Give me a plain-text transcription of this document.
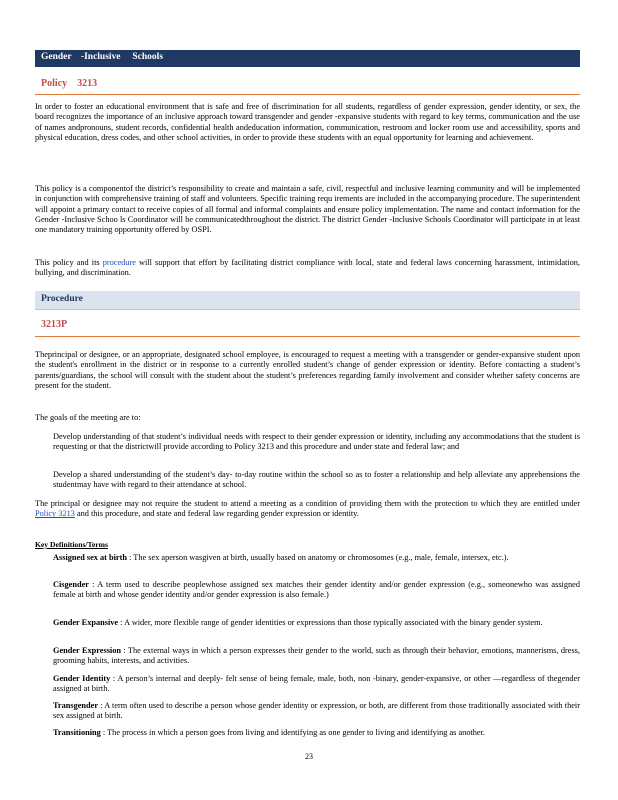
Gender    -Inclusive     Schools
Policy    3213

In order to foster an educational environment that is safe and free of discrimination for all students, regardless of gender expression, gender identity, or sex, the board recognizes the importance of an inclusive approach toward transgender and gender -expansive students with regard to key terms, communication and the use of names andpronouns, student records, confidential health andeducation information, communication, restroom and locker room use and accessibility, sports and physical education, dress codes, and other school activities, in order to provide these students with an equal opportunity for learning and achievement.

This policy is a componentof the district’s responsibility to create and maintain a safe, civil, respectful and inclusive learning community and will be implemented in conjunction with comprehensive training of staff and volunteers. Specific training requ irements are included in the accompanying procedure. The superintendent will appoint a primary contact to receive copies of all formal and informal complaints and ensure policy implementation. The name and contact information for the Gender -Inclusive Schoo ls Coordinator will be communicatedthroughout the district. The district Gender -Inclusive Schools Coordinator will participate in at least one mandatory training opportunity offered by OSPI.

This policy and its procedure will support that effort by facilitating district compliance with local, state and federal laws concerning harassment, intimidation, bullying, and discrimination.

Procedure
3213P

Theprincipal or designee, or an appropriate, designated school employee, is encouraged to request a meeting with a transgender or gender-expansive student upon the student's enrollment in the district or in response to a currently enrolled student’s change of gender expression or identity. Before contacting a student’s parents/guardians, the school will consult with the student about the student’s preferences regarding family involvement and consider whether safety concerns are present for the student.

The goals of the meeting are to:

Develop understanding of that student’s individual needs with respect to their gender expression or identity, including any accommodations that the student is requesting or that the districtwill provide according to Policy 3213 and this procedure and under state and federal law; and
Develop a shared understanding of the student’s day- to-day routine within the school so as to foster a relationship and help alleviate any apprehensions the studentmay have with regard to their attendance at school.

The principal or designee may not require the student to attend a meeting as a condition of providing them with the protection to which they are entitled under Policy 3213 and this procedure, and state and federal law regarding gender expression or identity.

Key Definitions/Terms
Assigned sex at birth : The sex aperson wasgiven at birth, usually based on anatomy or chromosomes (e.g., male, female, intersex, etc.).
Cisgender : A term used to describe peoplewhose assigned sex matches their gender identity and/or gender expression (e.g., someonewho was assigned female at birth and whose gender identity and/or gender expression is also female.)
Gender Expansive : A wider, more flexible range of gender identities or expressions than those typically associated with the binary gender system.
Gender Expression : The external ways in which a person expresses their gender to the world, such as through their behavior, emotions, mannerisms, dress, grooming habits, interests, and activities.
Gender Identity : A person’s internal and deeply- felt sense of being female, male, both, non -binary, gender-expansive, or other —regardless of thegender assigned at birth.
Transgender : A term often used to describe a person whose gender identity or expression, or both, are different from those traditionally associated with their sex assigned at birth.
Transitioning : The process in which a person goes from living and identifying as one gender to living and identifying as another.
23
